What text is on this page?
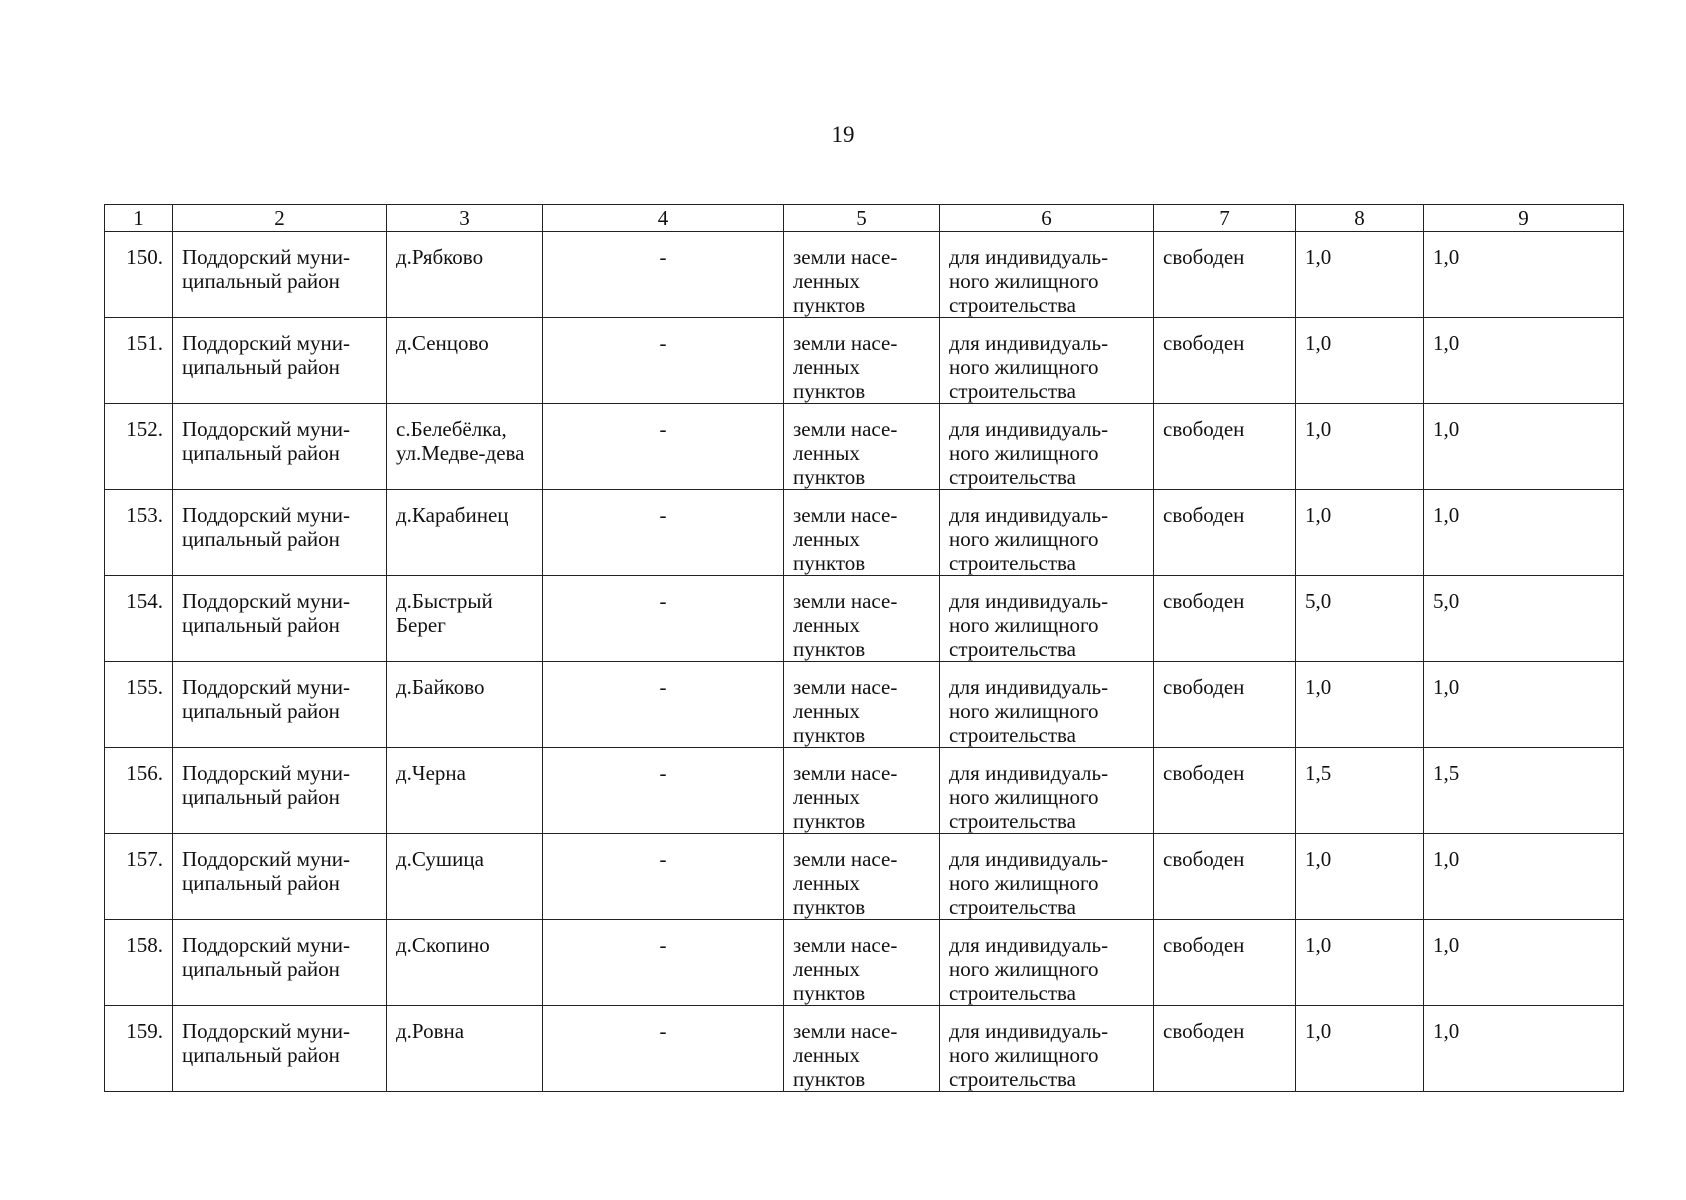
19
1	2	3	4	5	6	7	8	9
150.	Поддорский муни-ципальный район	д.Рябково	-	земли насе-ленных пунктов	для индивидуаль-ного жилищного строительства	свободен	1,0	1,0
151.	Поддорский муни-ципальный район	д.Сенцово	-	земли насе-ленных пунктов	для индивидуаль-ного жилищного строительства	свободен	1,0	1,0
152.	Поддорский муни-ципальный район	с.Белебёлка, ул.Медве-дева	-	земли насе-ленных пунктов	для индивидуаль-ного жилищного строительства	свободен	1,0	1,0
153.	Поддорский муни-ципальный район	д.Карабинец	-	земли насе-ленных пунктов	для индивидуаль-ного жилищного строительства	свободен	1,0	1,0
154.	Поддорский муни-ципальный район	д.Быстрый Берег	-	земли насе-ленных пунктов	для индивидуаль-ного жилищного строительства	свободен	5,0	5,0
155.	Поддорский муни-ципальный район	д.Байково	-	земли насе-ленных пунктов	для индивидуаль-ного жилищного строительства	свободен	1,0	1,0
156.	Поддорский муни-ципальный район	д.Черна	-	земли насе-ленных пунктов	для индивидуаль-ного жилищного строительства	свободен	1,5	1,5
157.	Поддорский муни-ципальный район	д.Сушица	-	земли насе-ленных пунктов	для индивидуаль-ного жилищного строительства	свободен	1,0	1,0
158.	Поддорский муни-ципальный район	д.Скопино	-	земли насе-ленных пунктов	для индивидуаль-ного жилищного строительства	свободен	1,0	1,0
159.	Поддорский муни-ципальный район	д.Ровна	-	земли насе-ленных пунктов	для индивидуаль-ного жилищного строительства	свободен	1,0	1,0
